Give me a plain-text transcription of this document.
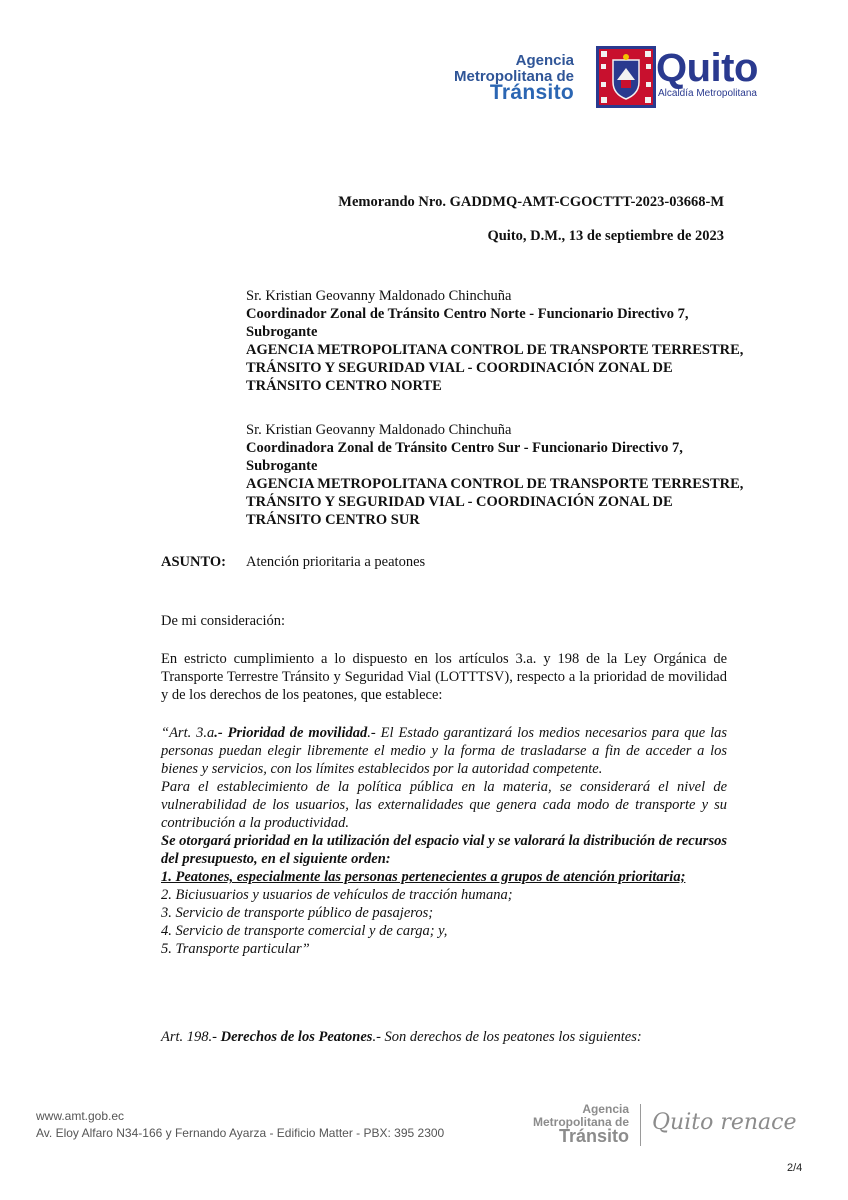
Agencia
Metropolitana de
Tránsito
Quito
Alcaldía Metropolitana
Memorando Nro. GADDMQ-AMT-CGOCTTT-2023-03668-M
Quito, D.M., 13 de septiembre de 2023
Sr. Kristian Geovanny Maldonado Chinchuña
Coordinador Zonal de Tránsito Centro Norte - Funcionario Directivo 7, Subrogante
AGENCIA METROPOLITANA CONTROL DE TRANSPORTE TERRESTRE, TRÁNSITO Y SEGURIDAD VIAL - COORDINACIÓN ZONAL DE TRÁNSITO CENTRO NORTE
Sr. Kristian Geovanny Maldonado Chinchuña
Coordinadora Zonal de Tránsito Centro Sur - Funcionario Directivo 7, Subrogante
AGENCIA METROPOLITANA CONTROL DE TRANSPORTE TERRESTRE, TRÁNSITO Y SEGURIDAD VIAL - COORDINACIÓN ZONAL DE TRÁNSITO CENTRO SUR
ASUNTO: Atención prioritaria a peatones
De mi consideración:
En estricto cumplimiento a lo dispuesto en los artículos 3.a. y 198 de la Ley Orgánica de Transporte Terrestre Tránsito y Seguridad Vial (LOTTTSV), respecto a la prioridad de movilidad y de los derechos de los peatones, que establece:

“Art. 3.a.- Prioridad de movilidad.- El Estado garantizará los medios necesarios para que las personas puedan elegir libremente el medio y la forma de trasladarse a fin de acceder a los bienes y servicios, con los límites establecidos por la autoridad competente.

Para el establecimiento de la política pública en la materia, se considerará el nivel de vulnerabilidad de los usuarios, las externalidades que genera cada modo de transporte y su contribución a la productividad.

Se otorgará prioridad en la utilización del espacio vial y se valorará la distribución de recursos del presupuesto, en el siguiente orden:

1. Peatones, especialmente las personas pertenecientes a grupos de atención prioritaria;

2. Biciusuarios y usuarios de vehículos de tracción humana;

3. Servicio de transporte público de pasajeros;

4. Servicio de transporte comercial y de carga; y,

5. Transporte particular”

Art. 198.- Derechos de los Peatones.- Son derechos de los peatones los siguientes:
www.amt.gob.ec
Av. Eloy Alfaro N34-166 y Fernando Ayarza - Edificio Matter - PBX: 395 2300
Agencia
Metropolitana de
Tránsito
Quito renace
2/4
